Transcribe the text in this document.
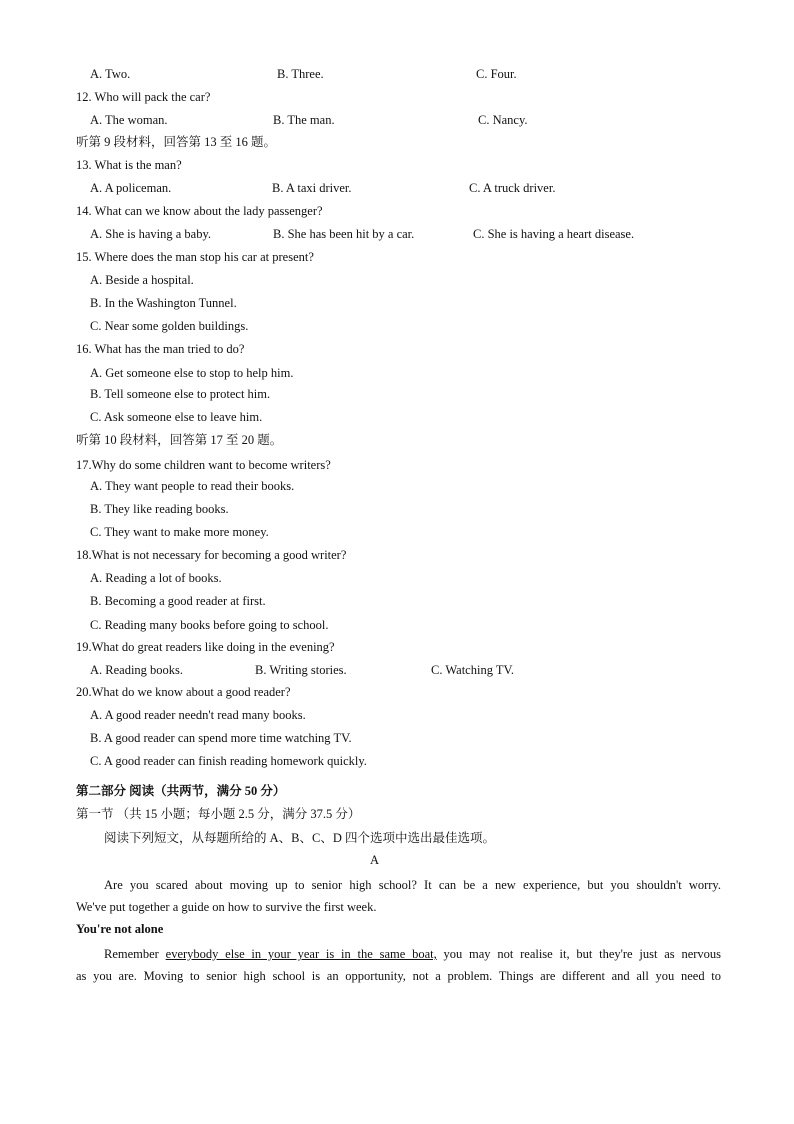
A. Two.	B. Three.	C. Four.
12. Who will pack the car?
A. The woman.	B. The man.	C. Nancy.
听第 9 段材料，回答第 13 至 16 题。
13. What is the man?
A. A policeman.	B. A taxi driver.	C. A truck driver.
14. What can we know about the lady passenger?
A. She is having a baby.	B. She has been hit by a car.	C. She is having a heart disease.
15. Where does the man stop his car at present?
A. Beside a hospital.
B. In the Washington Tunnel.
C. Near some golden buildings.
16. What has the man tried to do?
A. Get someone else to stop to help him.
B. Tell someone else to protect him.
C. Ask someone else to leave him.
听第 10 段材料，回答第 17 至 20 题。
17.Why do some children want to become writers?
A. They want people to read their books.
B. They like reading books.
C. They want to make more money.
18.What is not necessary for becoming a good writer?
A. Reading a lot of books.
B. Becoming a good reader at first.
C. Reading many books before going to school.
19.What do great readers like doing in the evening?
A. Reading books.	B. Writing stories.	C. Watching TV.
20.What do we know about a good reader?
A. A good reader needn't read many books.
B. A good reader can spend more time watching TV.
C. A good reader can finish reading homework quickly.
第二部分 阅读（共两节，满分 50 分）
第一节 （共 15 小题；每小题 2.5 分，满分 37.5 分）
阅读下列短文，从每题所给的 A、B、C、D 四个选项中选出最佳选项。
A
Are you scared about moving up to senior high school? It can be a new experience, but you shouldn't worry.
We've put together a guide on how to survive the first week.
You're not alone
Remember everybody else in your year is in the same boat, you may not realise it, but they're just as nervous
as you are. Moving to senior high school is an opportunity, not a problem. Things are different and all you need to
